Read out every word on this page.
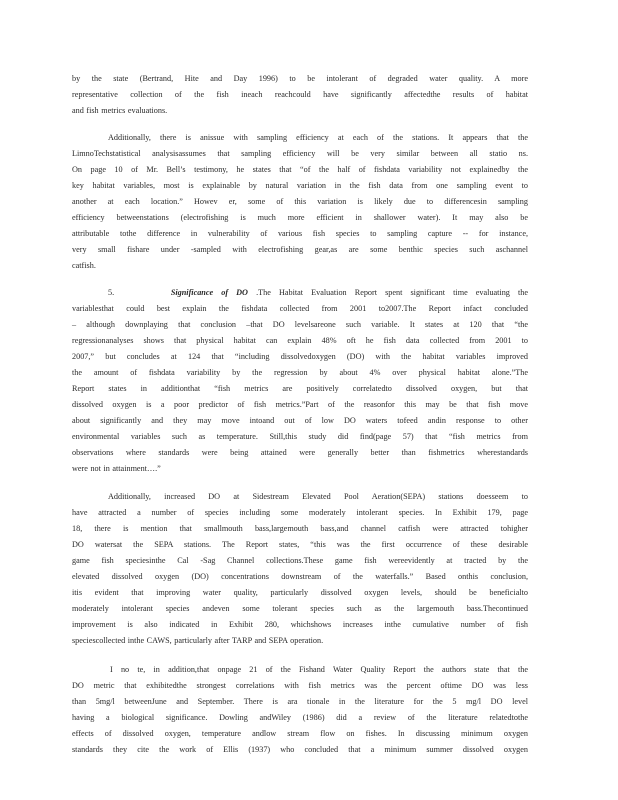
by the state (Bertrand, Hite and Day 1996) to be intolerant of degraded water quality. A more
representative collection of the fish ineach reachcould have significantly affectedthe results of habitat
and fish metrics evaluations.
Additionally, there is anissue with sampling efficiency at each of the stations. It appears that the
LimnoTechstatistical analysisassumes that sampling efficiency will be very similar between all statio ns.
On page 10 of Mr. Bell’s testimony, he states that “of the half of fishdata variability not explainedby the
key habitat variables, most is explainable by natural variation in the fish data from one sampling event to
another at each location.” Howev er, some of this variation is likely due to differencesin sampling
efficiency betweenstations (electrofishing is much more efficient in shallower water). It may also be
attributable tothe difference in vulnerability of various fish species to sampling capture -- for instance,
very small fishare under -sampled with electrofishing gear,as are some benthic species such aschannel
catfish.
5.	Significance of DO .The Habitat Evaluation Report spent significant time evaluating the
variablesthat could best explain the fishdata collected from 2001 to2007.The Report infact concluded
– although downplaying that conclusion –that DO levelsareone such variable. It states at 120 that “the
regressionanalyses shows that physical habitat can explain 48% oft he fish data collected from 2001 to
2007,” but concludes at 124 that “including dissolvedoxygen (DO) with the habitat variables improved
the amount of fishdata variability by the regression by about 4% over physical habitat alone.”The
Report states in additionthat “fish metrics are positively correlatedto dissolved oxygen, but that
dissolved oxygen is a poor predictor of fish metrics.”Part of the reasonfor this may be that fish move
about significantly and they may move intoand out of low DO waters tofeed andin response to other
environmental variables such as temperature. Still,this study did find(page 57) that “fish metrics from
observations where standards were being attained were generally better than fishmetrics wherestandards
were not in attainment….”
Additionally, increased DO at Sidestream Elevated Pool Aeration(SEPA) stations doesseem to
have attracted a number of species including some moderately intolerant species. In Exhibit 179, page
18, there is mention that smallmouth bass,largemouth bass,and channel catfish were attracted tohigher
DO watersat the SEPA stations. The Report states, “this was the first occurrence of these desirable
game fish speciesinthe Cal -Sag Channel collections.These game fish wereevidently at tracted by the
elevated dissolved oxygen (DO) concentrations downstream of the waterfalls.” Based onthis conclusion,
itis evident that improving water quality, particularly dissolved oxygen levels, should be beneficialto
moderately intolerant species andeven some tolerant species such as the largemouth bass.Thecontinued
improvement is also indicated in Exhibit 280, whichshows increases inthe cumulative number of fish
speciescollected inthe CAWS, particularly after TARP and SEPA operation.
I no te, in addition,that onpage 21 of the Fishand Water Quality Report the authors state that the
DO metric that exhibitedthe strongest correlations with fish metrics was the percent oftime DO was less
than 5mg/l betweenJune and September. There is ara tionale in the literature for the 5 mg/l DO level
having a biological significance. Dowling andWiley (1986) did a review of the literature relatedtothe
effects of dissolved oxygen, temperature andlow stream flow on fishes. In discussing minimum oxygen
standards they cite the work of Ellis (1937) who concluded that a minimum summer dissolved oxygen
